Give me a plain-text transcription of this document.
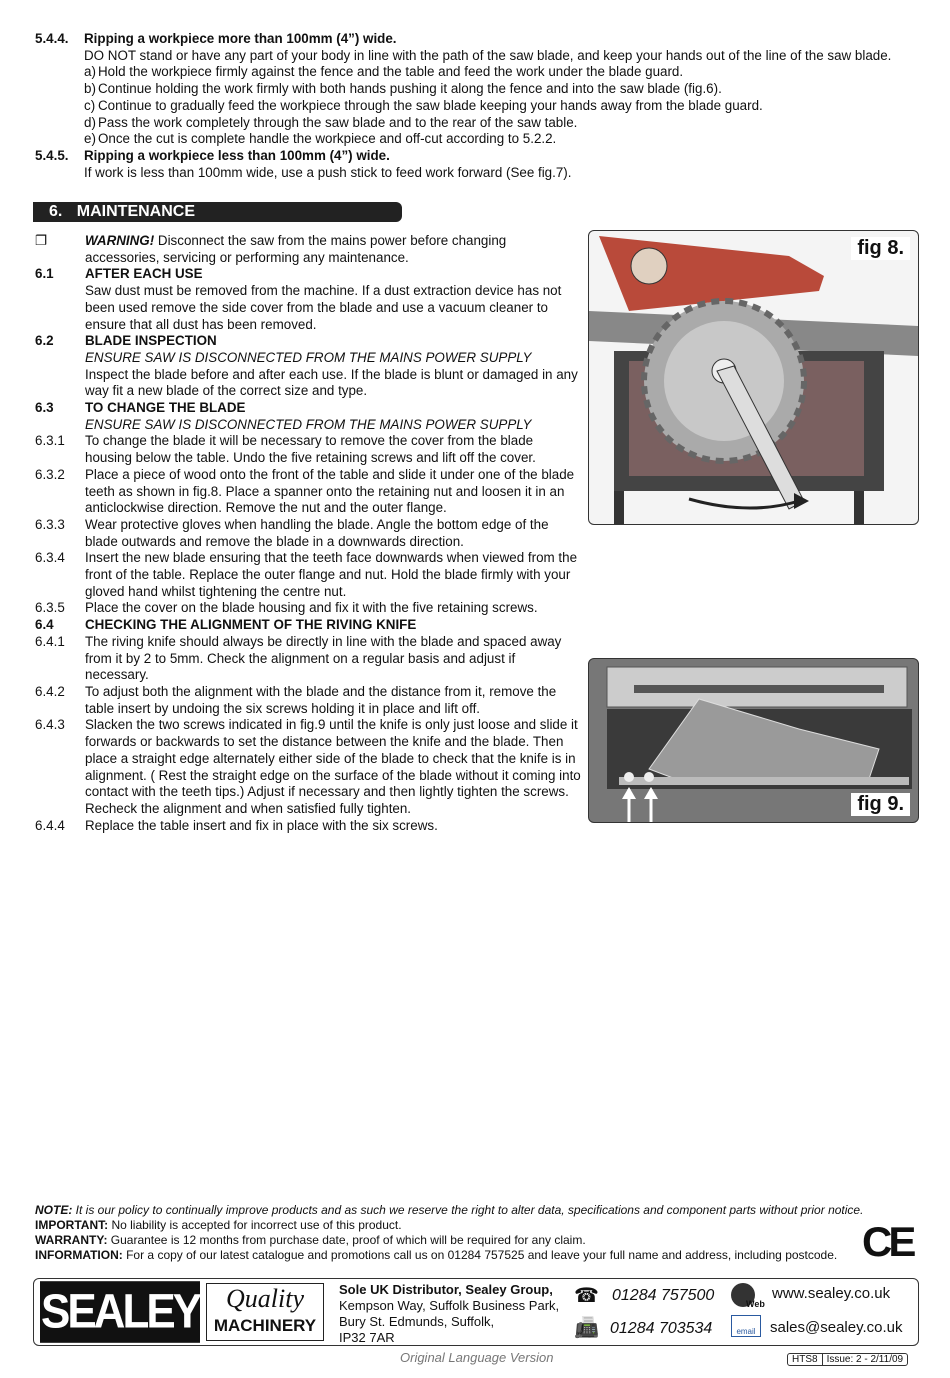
5.4.4. Ripping a workpiece more than 100mm (4”) wide.
DO NOT stand or have any part of your body in line with the path of the saw blade, and keep your hands out of the line of the saw blade.
a) Hold the workpiece firmly against the fence and the table and feed the work under the blade guard.
b) Continue holding the work firmly with both hands pushing it along the fence and into the saw blade (fig.6).
c) Continue to gradually feed the workpiece through the saw blade keeping your hands away from the blade guard.
d) Pass the work completely through the saw blade and to the rear of the saw table.
e) Once the cut is complete handle the workpiece and off-cut according to 5.2.2.
5.4.5. Ripping a workpiece less than 100mm (4”) wide.
If work is less than 100mm wide, use a push stick to feed work forward (See fig.7).
6. MAINTENANCE
❐	WARNING! Disconnect the saw from the mains power before changing accessories, servicing or performing any maintenance.
6.1	AFTER EACH USE
Saw dust must be removed from the machine. If a dust extraction device has not been used remove the side cover from the blade and use a vacuum cleaner to ensure that all dust has been removed.
6.2	BLADE INSPECTION
ENSURE SAW IS DISCONNECTED FROM THE MAINS POWER SUPPLY
Inspect the blade before and after each use. If the blade is blunt or damaged in any way fit a new blade of the correct size and type.
6.3	TO CHANGE THE BLADE
ENSURE SAW IS DISCONNECTED FROM THE MAINS POWER SUPPLY
6.3.1	To change the blade it will be necessary to remove the cover from the blade housing below the table. Undo the five retaining screws and lift off the cover.
6.3.2	Place a piece of wood onto the front of the table and slide it under one of the blade teeth as shown in fig.8. Place a spanner onto the retaining nut and loosen it in an anticlockwise direction. Remove the nut and the outer flange.
6.3.3	Wear protective gloves when handling the blade. Angle the bottom edge of the blade outwards and remove the blade in a downwards direction.
6.3.4	Insert the new blade ensuring that the teeth face downwards when viewed from the front of the table. Replace the outer flange and nut. Hold the blade firmly with your gloved hand whilst tightening the centre nut.
6.3.5	Place the cover on the blade housing and fix it with the five retaining screws.
6.4	CHECKING THE ALIGNMENT OF THE RIVING KNIFE
6.4.1	The riving knife should always be directly in line with the blade and spaced away from it by 2 to 5mm. Check the alignment on a regular basis and adjust if necessary.
6.4.2	To adjust both the alignment with the blade and the distance from it, remove the table insert by undoing the six screws holding it in place and lift off.
6.4.3	Slacken the two screws indicated in fig.9 until the knife is only just loose and slide it forwards or backwards to set the distance between the knife and the blade. Then place a straight edge alternately either side of the blade to check that the knife is in alignment. ( Rest the straight edge on the surface of the blade without it coming into contact with the teeth tips.) Adjust if necessary and then lightly tighten the screws. Recheck the alignment and when satisfied fully tighten.
6.4.4	Replace the table insert and fix in place with the six screws.
fig 8.
fig 9.
NOTE: It is our policy to continually improve products and as such we reserve the right to alter data, specifications and component parts without prior notice.
IMPORTANT: No liability is accepted for incorrect use of this product.
WARRANTY: Guarantee is 12 months from purchase date, proof of which will be required for any claim.
INFORMATION: For a copy of our latest catalogue and promotions call us on 01284 757525 and leave your full name and address, including postcode. CE
SEALEY	Quality
MACHINERY
Sole UK Distributor, Sealey Group,
Kempson Way, Suffolk Business Park,
Bury St. Edmunds, Suffolk,
IP32 7AR
☎ 01284 757500
📠 01284 703534
Web
www.sealey.co.uk
email sales@sealey.co.uk
Original Language Version	HTS8 Issue: 2 - 2/11/09
